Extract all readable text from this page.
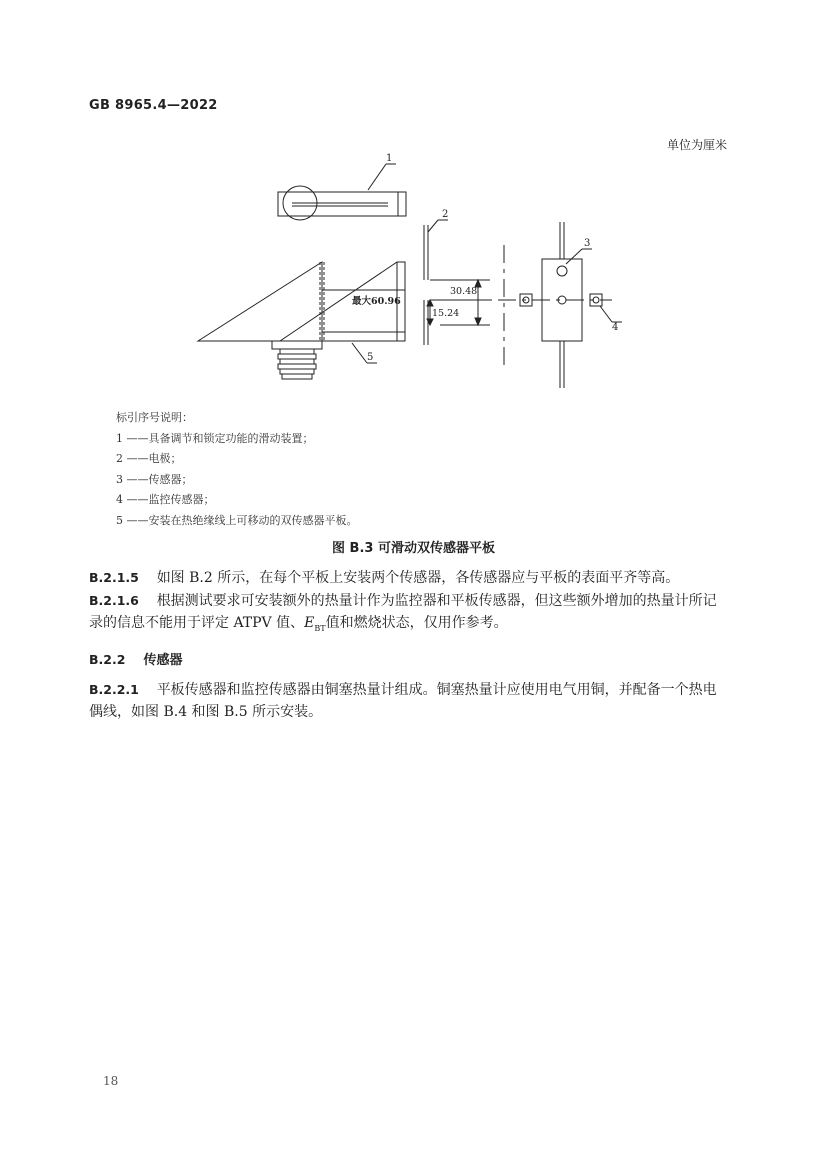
GB 8965.4—2022
单位为厘米
1
5
最大60.96
2
30.48
15.24
3
4
标引序号说明：
1 ——具备调节和锁定功能的滑动装置；
2 ——电极；
3 ——传感器；
4 ——监控传感器；
5 ——安装在热绝缘线上可移动的双传感器平板。
图 B.3 可滑动双传感器平板
B.2.1.5 如图 B.2 所示，在每个平板上安装两个传感器，各传感器应与平板的表面平齐等高。
B.2.1.6 根据测试要求可安装额外的热量计作为监控器和平板传感器，但这些额外增加的热量计所记录的信息不能用于评定 ATPV 值、$E_{BT}$值和燃烧状态，仅用作参考。
B.2.2 传感器
B.2.2.1 平板传感器和监控传感器由铜塞热量计组成。铜塞热量计应使用电气用铜，并配备一个热电偶线，如图 B.4 和图 B.5 所示安装。
18
